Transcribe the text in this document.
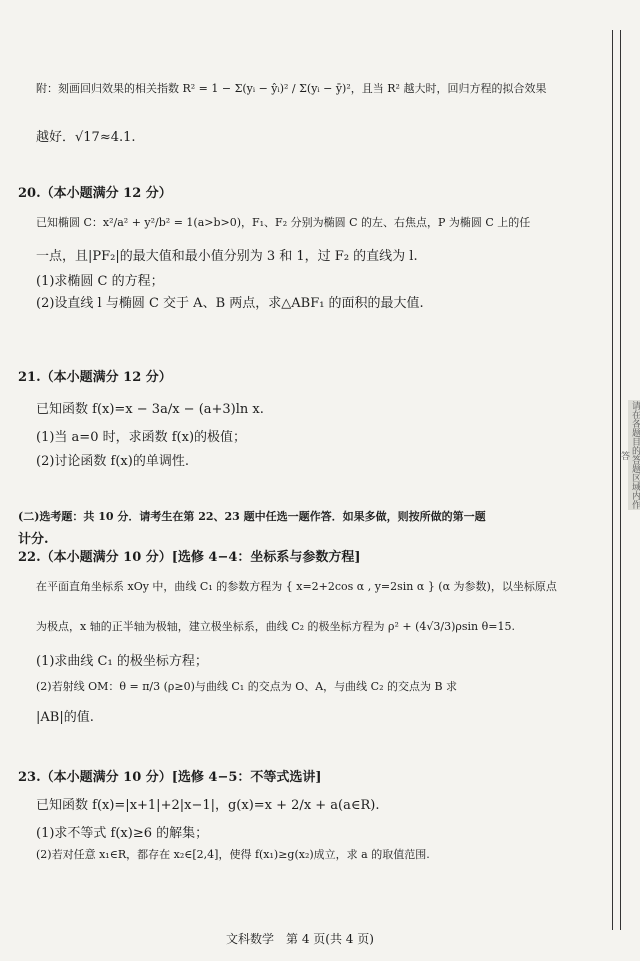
请在各题目的答题区域内作答
附：刻画回归效果的相关指数 R² = 1 − Σ(yᵢ − ŷᵢ)² / Σ(yᵢ − ȳ)²，且当 R² 越大时，回归方程的拟合效果
越好．√17≈4.1.
20.（本小题满分 12 分）
已知椭圆 C：x²/a² + y²/b² = 1(a>b>0)，F₁、F₂ 分别为椭圆 C 的左、右焦点，P 为椭圆 C 上的任
一点，且|PF₂|的最大值和最小值分别为 3 和 1，过 F₂ 的直线为 l.
(1)求椭圆 C 的方程；
(2)设直线 l 与椭圆 C 交于 A、B 两点，求△ABF₁ 的面积的最大值.
21.（本小题满分 12 分）
已知函数 f(x)=x − 3a/x − (a+3)ln x.
(1)当 a=0 时，求函数 f(x)的极值；
(2)讨论函数 f(x)的单调性.
(二)选考题：共 10 分．请考生在第 22、23 题中任选一题作答．如果多做，则按所做的第一题
计分.
22.（本小题满分 10 分）[选修 4−4：坐标系与参数方程]
在平面直角坐标系 xOy 中，曲线 C₁ 的参数方程为 { x=2+2cos α , y=2sin α } (α 为参数)，以坐标原点
为极点，x 轴的正半轴为极轴，建立极坐标系，曲线 C₂ 的极坐标方程为 ρ² + (4√3/3)ρsin θ=15.
(1)求曲线 C₁ 的极坐标方程；
(2)若射线 OM：θ = π/3 (ρ≥0)与曲线 C₁ 的交点为 O、A，与曲线 C₂ 的交点为 B 求
|AB|的值.
23.（本小题满分 10 分）[选修 4−5：不等式选讲]
已知函数 f(x)=|x+1|+2|x−1|，g(x)=x + 2/x + a(a∈R).
(1)求不等式 f(x)≥6 的解集；
(2)若对任意 x₁∈R，都存在 x₂∈[2,4]，使得 f(x₁)≥g(x₂)成立，求 a 的取值范围.
文科数学　第 4 页(共 4 页)
